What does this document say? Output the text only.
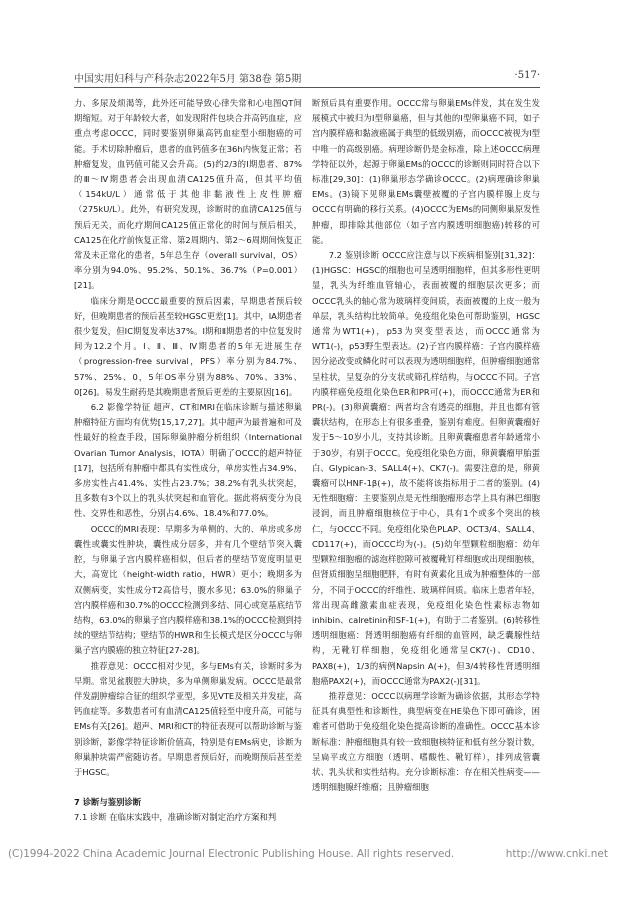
中国实用妇科与产科杂志2022年5月 第38卷 第5期	·517·

力、多尿及烦渴等，此外还可能导致心律失常和心电图QT间期缩短。对于年龄较大者，如发现附件包块合并高钙血症，应重点考虑OCCC，同时要鉴别卵巢高钙血症型小细胞癌的可能。手术切除肿瘤后，患者的血钙值多在36h内恢复正常；若肿瘤复发，血钙值可能又会升高。(5)约2/3的Ⅰ期患者、87%的Ⅲ～Ⅳ期患者会出现血清CA125值升高，但其平均值（154kU/L）通常低于其他非黏液性上皮性肿瘤（275kU/L）。此外，有研究发现，诊断时的血清CA125值与预后无关，而化疗期间CA125值正常化的时间与预后相关，CA125在化疗前恢复正常、第2周期内、第2～6周期间恢复正常及未正常化的患者，5年总生存（overall survival，OS）率分别为94.0%、95.2%、50.1%、36.7%（P=0.001）[21]。

临床分期是OCCC最重要的预后因素，早期患者预后较好，但晚期患者的预后甚至较HGSC更差[1]。其中，ⅠA期患者很少复发，但ⅠC期复发率达37%。Ⅰ期和Ⅱ期患者的中位复发时间为12.2个月。Ⅰ、Ⅱ、Ⅲ、Ⅳ期患者的5年无进展生存（progression-free survival，PFS）率分别为84.7%、57%、25%、0，5年OS率分别为88%、70%、33%、0[26]。易发生耐药是其晚期患者预后更差的主要原因[16]。

6.2 影像学特征 超声、CT和MRI在临床诊断与描述卵巢肿瘤特征方面均有优势[15,17,27]。其中超声为最普遍和可及性最好的检查手段，国际卵巢肿瘤分析组织（International Ovarian Tumor Analysis，IOTA）明确了OCCC的超声特征[17]，包括所有肿瘤中都具有实性成分，单房实性占34.9%、多房实性占41.4%、实性占23.7%；38.2%有乳头状突起，且多数有3个以上的乳头状突起和血管化。据此将病变分为良性、交界性和恶性，分别占4.6%、18.4%和77.0%。

OCCC的MRI表现：早期多为单侧的、大的、单房或多房囊性或囊实性肿块，囊性成分居多，并有几个壁结节突入囊腔，与卵巢子宫内膜样癌相似，但后者的壁结节宽度明显更大，高宽比（height-width ratio，HWR）更小；晚期多为双侧病变，实性成分T2高信号，腹水多见；63.0%的卵巢子宫内膜样癌和30.7%的OCCC检测到多结、同心或宽基底结节结构，63.0%的卵巢子宫内膜样癌和38.1%的OCCC检测到持续的壁结节结构；壁结节的HWR和生长模式是区分OCCC与卵巢子宫内膜癌的独立特征[27-28]。

推荐意见：OCCC相对少见，多与EMs有关，诊断时多为早期。常见盆腹腔大肿块，多为单侧卵巢发病。OCCC是最常伴发副肿瘤综合征的组织学亚型，多见VTE及相关并发症，高钙血症等。多数患者可有血清CA125值轻至中度升高，可能与EMs有关[26]。超声、MRI和CT的特征表现可以帮助诊断与鉴别诊断，影像学特征诊断价值高，特别是有EMs病史，诊断为卵巢肿块需严密随访者。早期患者预后好，而晚期预后甚至差于HGSC。

7 诊断与鉴别诊断

7.1 诊断 在临床实践中，准确诊断对制定治疗方案和判

断预后具有重要作用。OCCC常与卵巢EMs伴发，其在发生发展模式中被归为Ⅰ型卵巢癌，但与其他的Ⅰ型卵巢癌不同，如子宫内膜样癌和黏液癌属于典型的低级别癌，而OCCC被视为Ⅰ型中唯一的高级别癌。病理诊断仍是金标准，除上述OCCC病理学特征以外，起源于卵巢EMs的OCCC的诊断则同时符合以下标准[29,30]：(1)卵巢形态学确诊OCCC。(2)病理确诊卵巢EMs。(3)镜下见卵巢EMs囊壁被覆的子宫内膜样腺上皮与OCCC有明确的移行关系。(4)OCCC为EMs的同侧卵巢原发性肿瘤，即排除其他部位（如子宫内膜透明细胞癌)转移的可能。

7.2 鉴别诊断 OCCC应注意与以下疾病相鉴别[31,32]：(1)HGSC：HGSC的细胞也可呈透明细胞样，但其多形性更明显，乳头为纤维血管轴心，表面被覆的细胞层次更多；而OCCC乳头的轴心常为玻璃样变间质，表面被覆的上皮一般为单层，乳头结构比较简单。免疫组化染色可帮助鉴别，HGSC通常为WT1(+)，p53为突变型表达，而OCCC通常为WT1(-)，p53野生型表达。(2)子宫内膜样癌：子宫内膜样癌因分泌改变或鳞化时可以表现为透明细胞样，但肿瘤细胞通常呈柱状，呈复杂的分支状或筛孔样结构，与OCCC不同。子宫内膜样癌免疫组化染色ER和PR可(+)，而OCCC通常为ER和PR(-)。(3)卵黄囊瘤：两者均含有透亮的细胞，并且也都有管囊状结构，在形态上有很多重叠，鉴别有难度。但卵黄囊瘤好发于5～10岁小儿，支持其诊断。且卵黄囊瘤患者年龄通常小于30岁，有别于OCCC。免疫组化染色方面，卵黄囊瘤甲胎蛋白、Glypican-3、SALL4(+)、CK7(-)。需要注意的是，卵黄囊瘤可以HNF-1β(+)，故不能将该指标用于二者的鉴别。(4)无性细胞瘤：主要鉴别点是无性细胞瘤形态学上具有淋巴细胞浸润，而且肿瘤细胞核位于中心，具有1个或多个突出的核仁，与OCCC不同。免疫组化染色PLAP、OCT3/4、SALL4、CD117(+)，而OCCC均为(-)。(5)幼年型颗粒细胞瘤：幼年型颗粒细胞瘤的滤泡样腔隙可被覆靴钉样细胞或出现细胞核，但肾质细胞呈细胞肥胖，有时有黄素化且成为肿瘤整体的一部分，不同于OCCC的纤维性、玻璃样间质。临床上患者年轻，常出现高雌激素血症表现，免疫组化染色性素标志物如inhibin、calretinin和SF-1(+)，有助于二者鉴别。(6)转移性透明细胞癌：肾透明细胞癌有纤细的血管网，缺乏囊腺性结构，无靴钉样细胞，免疫组化通常呈CK7(-)、CD10、PAX8(+)，1/3的病例Napsin A(+)，但3/4转移性肾透明细胞癌PAX2(+)，而OCCC通常为PAX2(-)[31]。

推荐意见：OCCC以病理学诊断为确诊依据，其形态学特征具有典型性和诊断性，典型病变在HE染色下即可确诊，困难者可借助于免疫组化染色提高诊断的准确性。OCCC基本诊断标准：肿瘤细胞具有较一致细胞核特征和低有丝分裂计数，呈扁平或立方细胞（透明、嗜酸性、靴钉样），排列成管囊状、乳头状和实性结构。充分诊断标准：存在相关性病变——透明细胞腺纤维瘤；且肿瘤细胞

(C)1994-2022 China Academic Journal Electronic Publishing House. All rights reserved.	http://www.cnki.net
